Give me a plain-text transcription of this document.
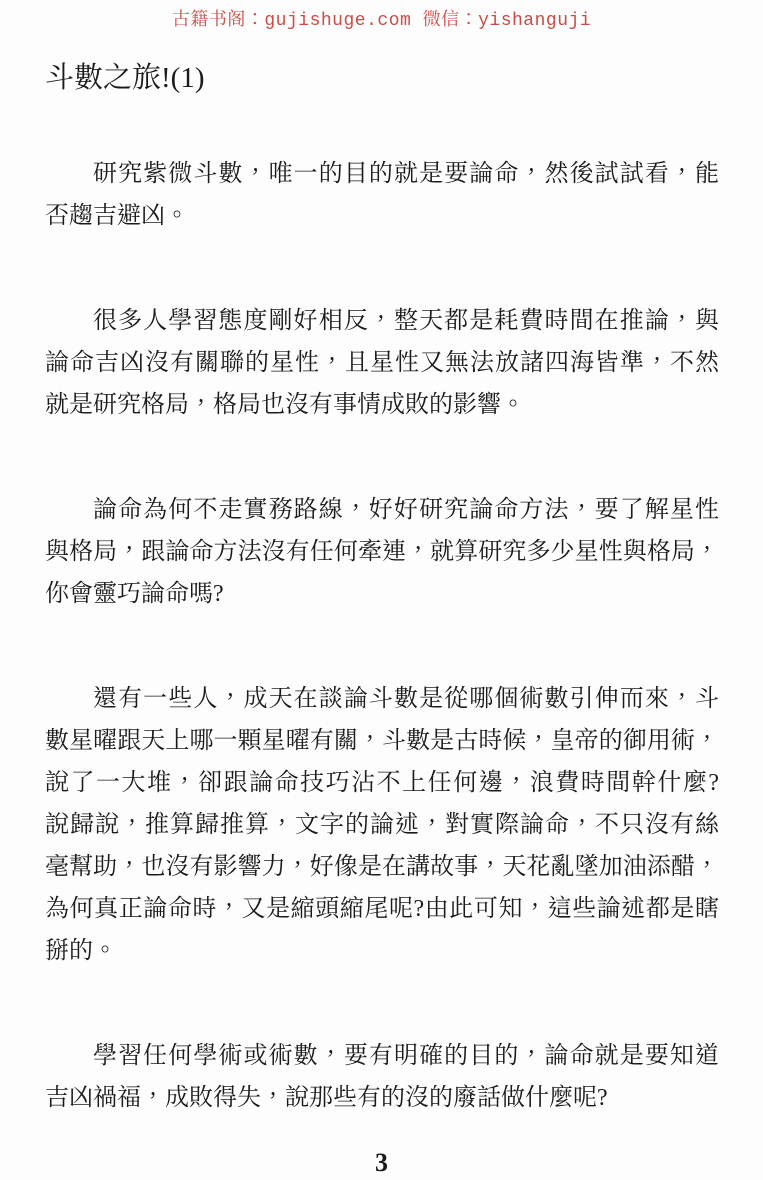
古籍书阁：gujishuge.com 微信：yishanguji
斗數之旅!(1)

研究紫微斗數，唯一的目的就是要論命，然後試試看，能
否趨吉避凶。

很多人學習態度剛好相反，整天都是耗費時間在推論，與
論命吉凶沒有關聯的星性，且星性又無法放諸四海皆準，不然
就是研究格局，格局也沒有事情成敗的影響。

論命為何不走實務路線，好好研究論命方法，要了解星性
與格局，跟論命方法沒有任何牽連，就算研究多少星性與格局，
你會靈巧論命嗎?

還有一些人，成天在談論斗數是從哪個術數引伸而來，斗
數星曜跟天上哪一顆星曜有關，斗數是古時候，皇帝的御用術，
說了一大堆，卻跟論命技巧沾不上任何邊，浪費時間幹什麼?
說歸說，推算歸推算，文字的論述，對實際論命，不只沒有絲
毫幫助，也沒有影響力，好像是在講故事，天花亂墜加油添醋，
為何真正論命時，又是縮頭縮尾呢?由此可知，這些論述都是瞎
掰的。

學習任何學術或術數，要有明確的目的，論命就是要知道
吉凶禍福，成敗得失，說那些有的沒的廢話做什麼呢?

3
